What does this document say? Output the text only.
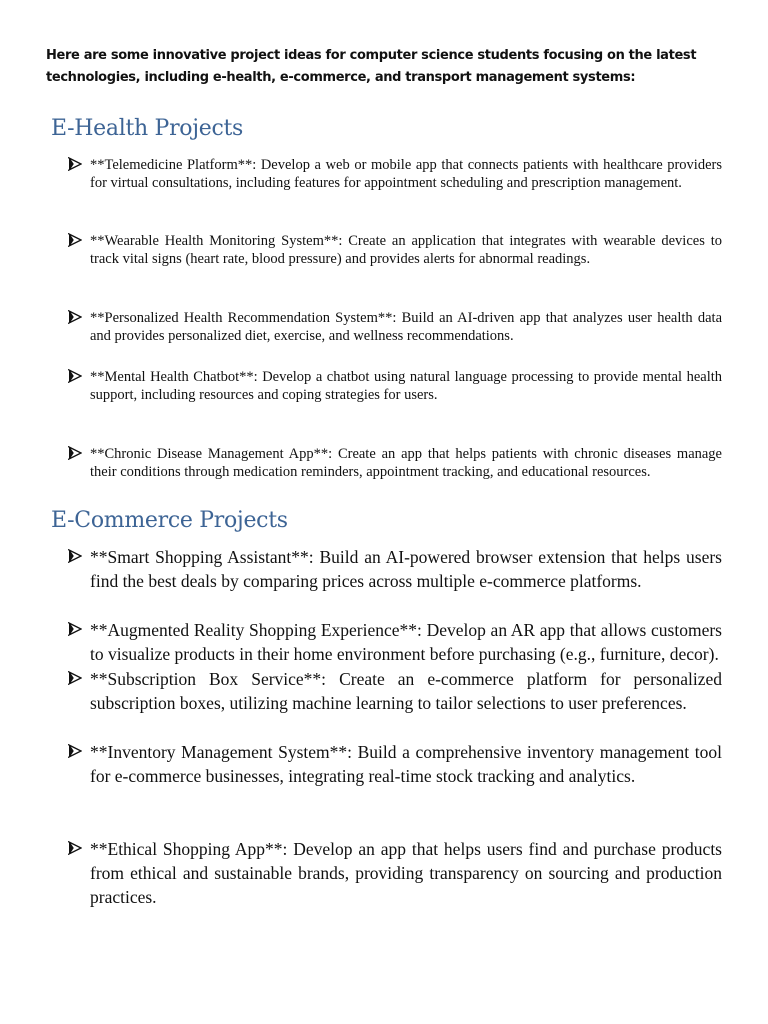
Here are some innovative project ideas for computer science students focusing on the latest technologies, including e-health, e-commerce, and transport management systems:

E-Health Projects

**Telemedicine Platform**: Develop a web or mobile app that connects patients with healthcare providers for virtual consultations, including features for appointment scheduling and prescription management.

**Wearable Health Monitoring System**: Create an application that integrates with wearable devices to track vital signs (heart rate, blood pressure) and provides alerts for abnormal readings.

**Personalized Health Recommendation System**: Build an AI-driven app that analyzes user health data and provides personalized diet, exercise, and wellness recommendations.

**Mental Health Chatbot**: Develop a chatbot using natural language processing to provide mental health support, including resources and coping strategies for users.

**Chronic Disease Management App**: Create an app that helps patients with chronic diseases manage their conditions through medication reminders, appointment tracking, and educational resources.

E-Commerce Projects

**Smart Shopping Assistant**: Build an AI-powered browser extension that helps users find the best deals by comparing prices across multiple e-commerce platforms.

**Augmented Reality Shopping Experience**: Develop an AR app that allows customers to visualize products in their home environment before purchasing (e.g., furniture, decor).

**Subscription Box Service**: Create an e-commerce platform for personalized subscription boxes, utilizing machine learning to tailor selections to user preferences.

**Inventory Management System**: Build a comprehensive inventory management tool for e-commerce businesses, integrating real-time stock tracking and analytics.

**Ethical Shopping App**: Develop an app that helps users find and purchase products from ethical and sustainable brands, providing transparency on sourcing and production practices.
